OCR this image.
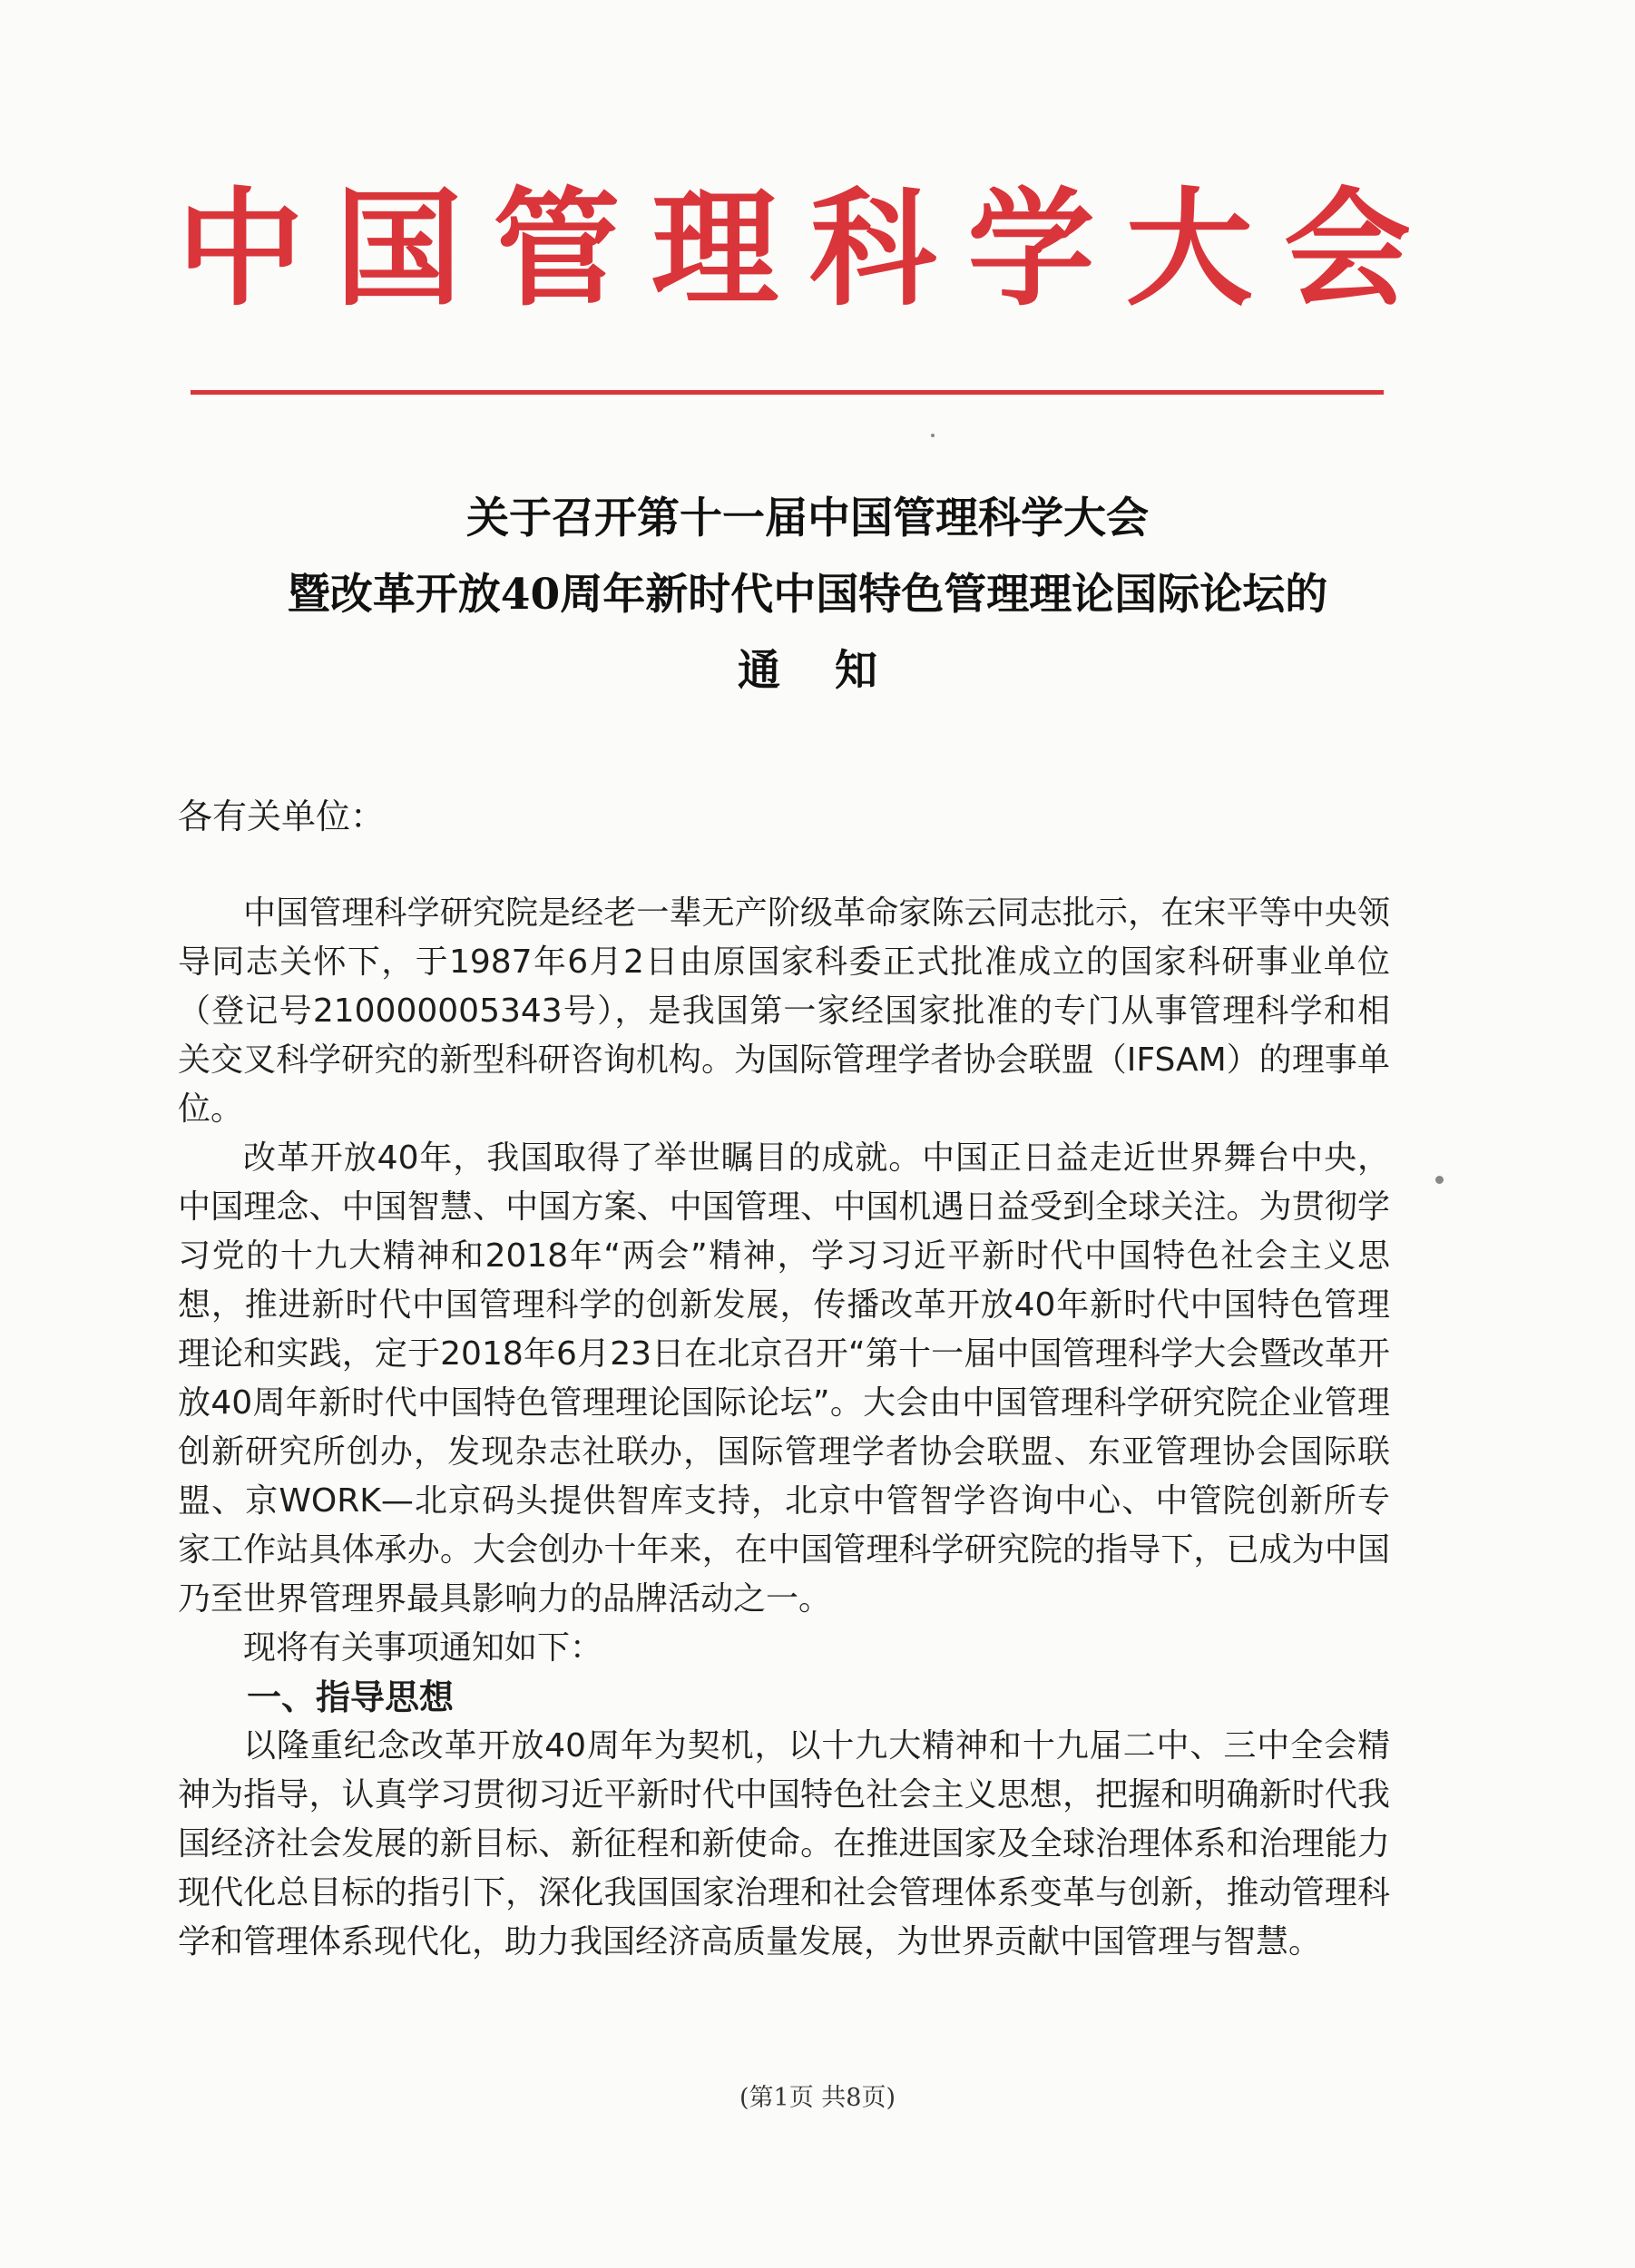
中 国 管 理 科 学 大 会
关于召开第十一届中国管理科学大会
暨改革开放40周年新时代中国特色管理理论国际论坛的
通知
各有关单位：

中国管理科学研究院是经老一辈无产阶级革命家陈云同志批示，在宋平等中央领导同志关怀下，于1987年6月2日由原国家科委正式批准成立的国家科研事业单位（登记号210000005343号），是我国第一家经国家批准的专门从事管理科学和相关交叉科学研究的新型科研咨询机构。为国际管理学者协会联盟（IFSAM）的理事单位。

改革开放40年，我国取得了举世瞩目的成就。中国正日益走近世界舞台中央，中国理念、中国智慧、中国方案、中国管理、中国机遇日益受到全球关注。为贯彻学习党的十九大精神和2018年“两会”精神，学习习近平新时代中国特色社会主义思想，推进新时代中国管理科学的创新发展，传播改革开放40年新时代中国特色管理理论和实践，定于2018年6月23日在北京召开“第十一届中国管理科学大会暨改革开放40周年新时代中国特色管理理论国际论坛”。大会由中国管理科学研究院企业管理创新研究所创办，发现杂志社联办，国际管理学者协会联盟、东亚管理协会国际联盟、京WORK—北京码头提供智库支持，北京中管智学咨询中心、中管院创新所专家工作站具体承办。大会创办十年来，在中国管理科学研究院的指导下，已成为中国乃至世界管理界最具影响力的品牌活动之一。

现将有关事项通知如下：

一、指导思想

以隆重纪念改革开放40周年为契机，以十九大精神和十九届二中、三中全会精神为指导，认真学习贯彻习近平新时代中国特色社会主义思想，把握和明确新时代我国经济社会发展的新目标、新征程和新使命。在推进国家及全球治理体系和治理能力现代化总目标的指引下，深化我国国家治理和社会管理体系变革与创新，推动管理科学和管理体系现代化，助力我国经济高质量发展，为世界贡献中国管理与智慧。

(第1页 共8页)
